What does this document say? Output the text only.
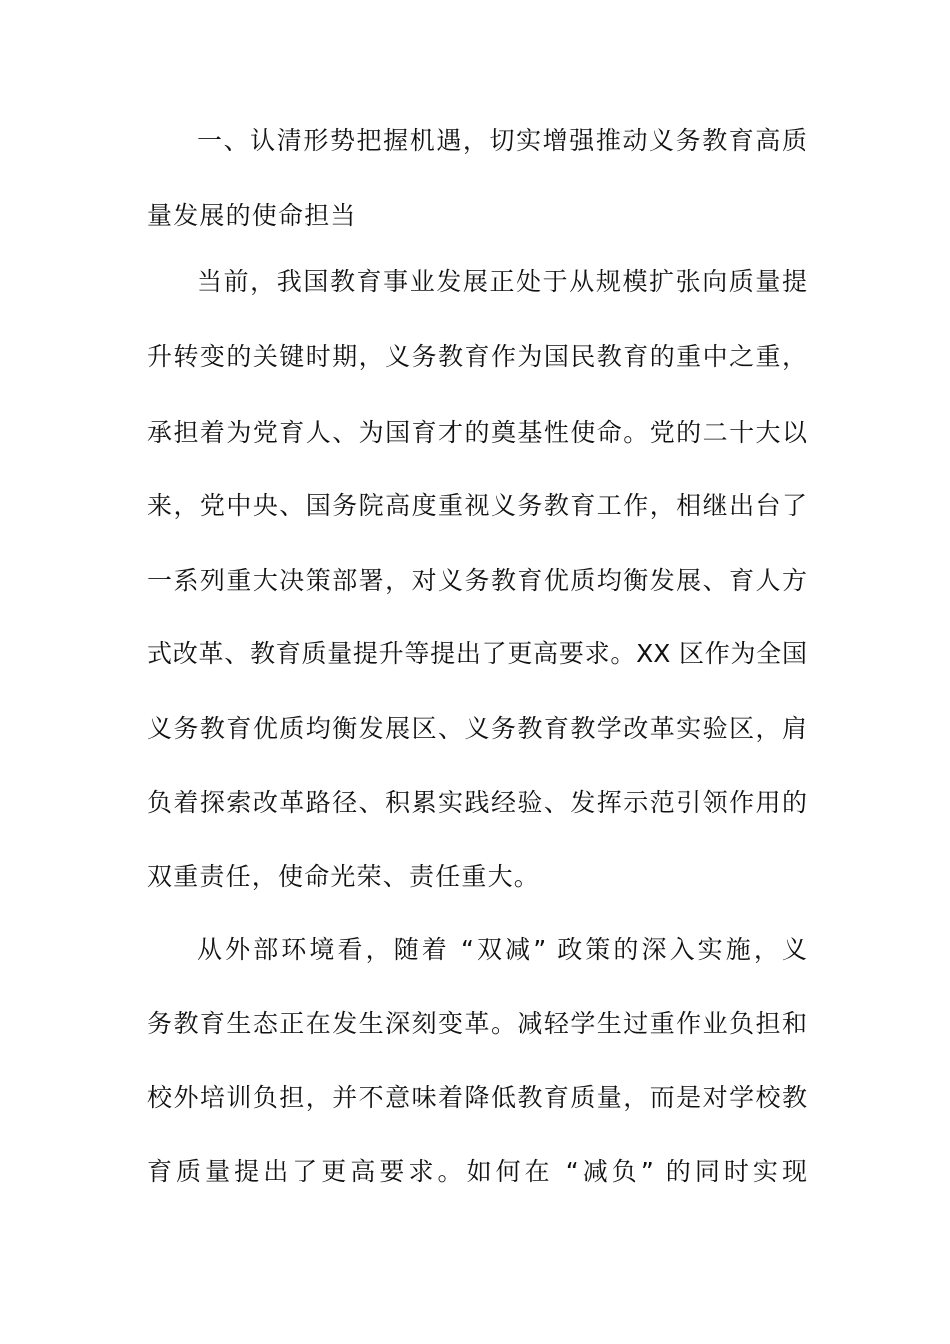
一、认清形势把握机遇，切实增强推动义务教育高质
量发展的使命担当
当前，我国教育事业发展正处于从规模扩张向质量提
升转变的关键时期，义务教育作为国民教育的重中之重，
承担着为党育人、为国育才的奠基性使命。党的二十大以
来，党中央、国务院高度重视义务教育工作，相继出台了
一系列重大决策部署，对义务教育优质均衡发展、育人方
式改革、教育质量提升等提出了更高要求。XX 区作为全国
义务教育优质均衡发展区、义务教育教学改革实验区，肩
负着探索改革路径、积累实践经验、发挥示范引领作用的
双重责任，使命光荣、责任重大。
从外部环境看，随着 “双减” 政策的深入实施，义
务教育生态正在发生深刻变革。减轻学生过重作业负担和
校外培训负担，并不意味着降低教育质量，而是对学校教
育质量提出了更高要求。如何在 “减负” 的同时实现
